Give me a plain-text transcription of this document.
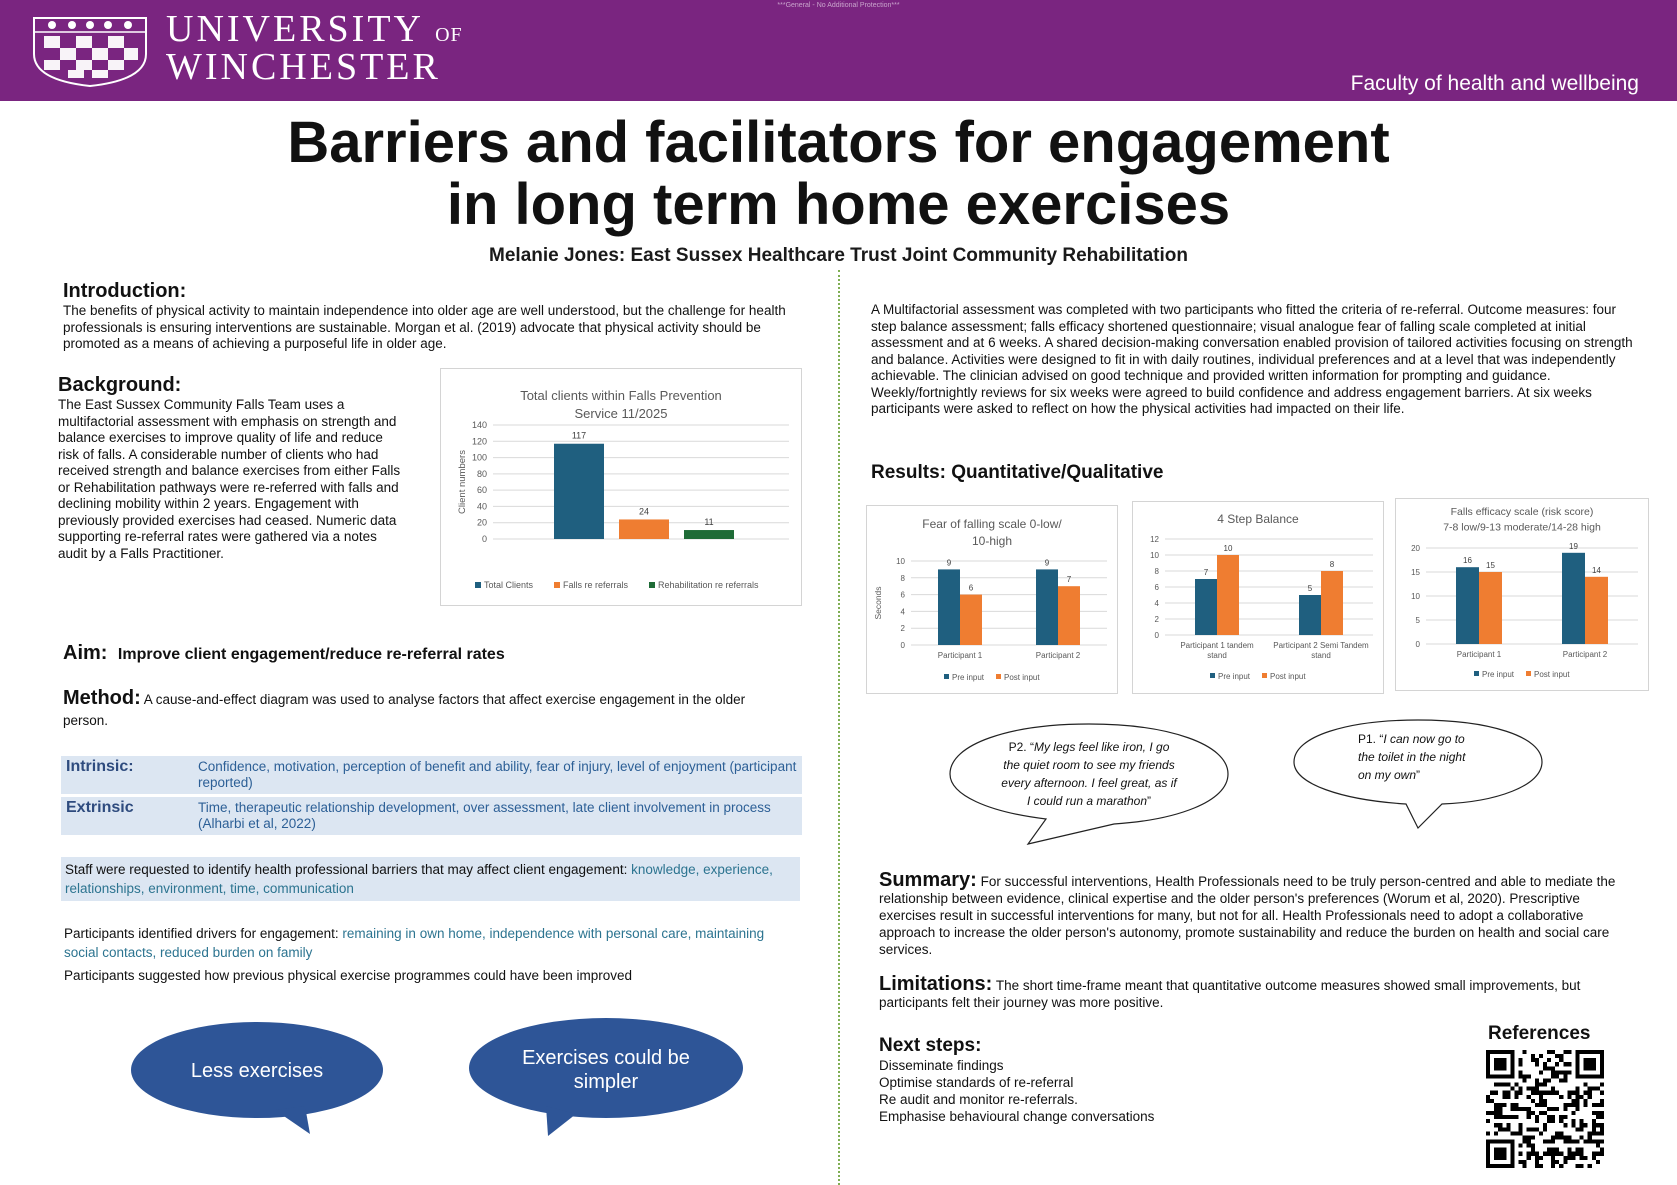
***General - No Additional Protection***
UNIVERSITY OF
WINCHESTER	Faculty of health and wellbeing
Barriers and facilitators for engagement
in long term home exercises
Melanie Jones: East Sussex Healthcare Trust Joint Community Rehabilitation
Introduction:

The benefits of physical activity to maintain independence into older age are well understood, but the challenge for health professionals is ensuring interventions are sustainable. Morgan et al. (2019) advocate that physical activity should be promoted as a means of achieving a purposeful life in older age.

Background:

The East Sussex Community Falls Team uses a multifactorial assessment with emphasis on strength and balance exercises to improve quality of life and reduce risk of falls. A considerable number of clients who had received strength and balance exercises from either Falls or Rehabilitation pathways were re-referred with falls and declining mobility within 2 years. Engagement with previously provided exercises had ceased. Numeric data supporting re-referral rates were gathered via a notes audit by a Falls Practitioner.

Total clients within Falls Prevention
Service 11/2025
0
20
40
60
80
100
120
140
Client numbers
117
24
11
Total Clients	Falls re referrals	Rehabilitation re referrals
Aim: Improve client engagement/reduce re-referral rates

Method: A cause-and-effect diagram was used to analyse factors that affect exercise engagement in the older person.

Intrinsic:	Confidence, motivation, perception of benefit and ability, fear of injury, level of enjoyment (participant reported)
Extrinsic	Time, therapeutic relationship development, over assessment, late client involvement in process (Alharbi et al, 2022)
Staff were requested to identify health professional barriers that may affect client engagement: knowledge, experience, relationships, environment, time, communication

Participants identified drivers for engagement: remaining in own home, independence with personal care, maintaining social contacts, reduced burden on family

Participants suggested how previous physical exercise programmes could have been improved

Less exercises
Exercises could be
simpler

A Multifactorial assessment was completed with two participants who fitted the criteria of re-referral. Outcome measures: four step balance assessment; falls efficacy shortened questionnaire; visual analogue fear of falling scale completed at initial assessment and at 6 weeks. A shared decision-making conversation enabled provision of tailored activities focusing on strength and balance. Activities were designed to fit in with daily routines, individual preferences and at a level that was independently achievable. The clinician advised on good technique and provided written information for prompting and guidance. Weekly/fortnightly reviews for six weeks were agreed to build confidence and address engagement barriers. At six weeks participants were asked to reflect on how the physical activities had impacted on their life.

Results: Quantitative/Qualitative
Fear of falling scale 0-low/
10-high
0
2
4
6
8
10
Seconds
9
6
Participant 1
9
7
Participant 2
Pre input Post input
4 Step Balance
0
2
4
6
8
10
12
7
10
Participant 1 tandem
stand
5
8
Participant 2 Semi Tandem
stand
Pre input Post input
Falls efficacy scale (risk score)
7-8 low/9-13 moderate/14-28 high
0
5
10
15
20
16
15
Participant 1
19
14
Participant 2
Pre input Post input
P2. “My legs feel like iron, I go
the quiet room to see my friends
every afternoon. I feel great, as if
I could run a marathon”
P1. “I can now go to
the toilet in the night
on my own”

Summary: For successful interventions, Health Professionals need to be truly person-centred and able to mediate the relationship between evidence, clinical expertise and the older person's preferences (Worum et al, 2020). Prescriptive exercises result in successful interventions for many, but not for all. Health Professionals need to adopt a collaborative approach to increase the older person's autonomy, promote sustainability and reduce the burden on health and social care services.

Limitations: The short time-frame meant that quantitative outcome measures showed small improvements, but participants felt their journey was more positive.

Next steps:
Disseminate findings
Optimise standards of re-referral
Re audit and monitor re-referrals.
Emphasise behavioural change conversations
References
